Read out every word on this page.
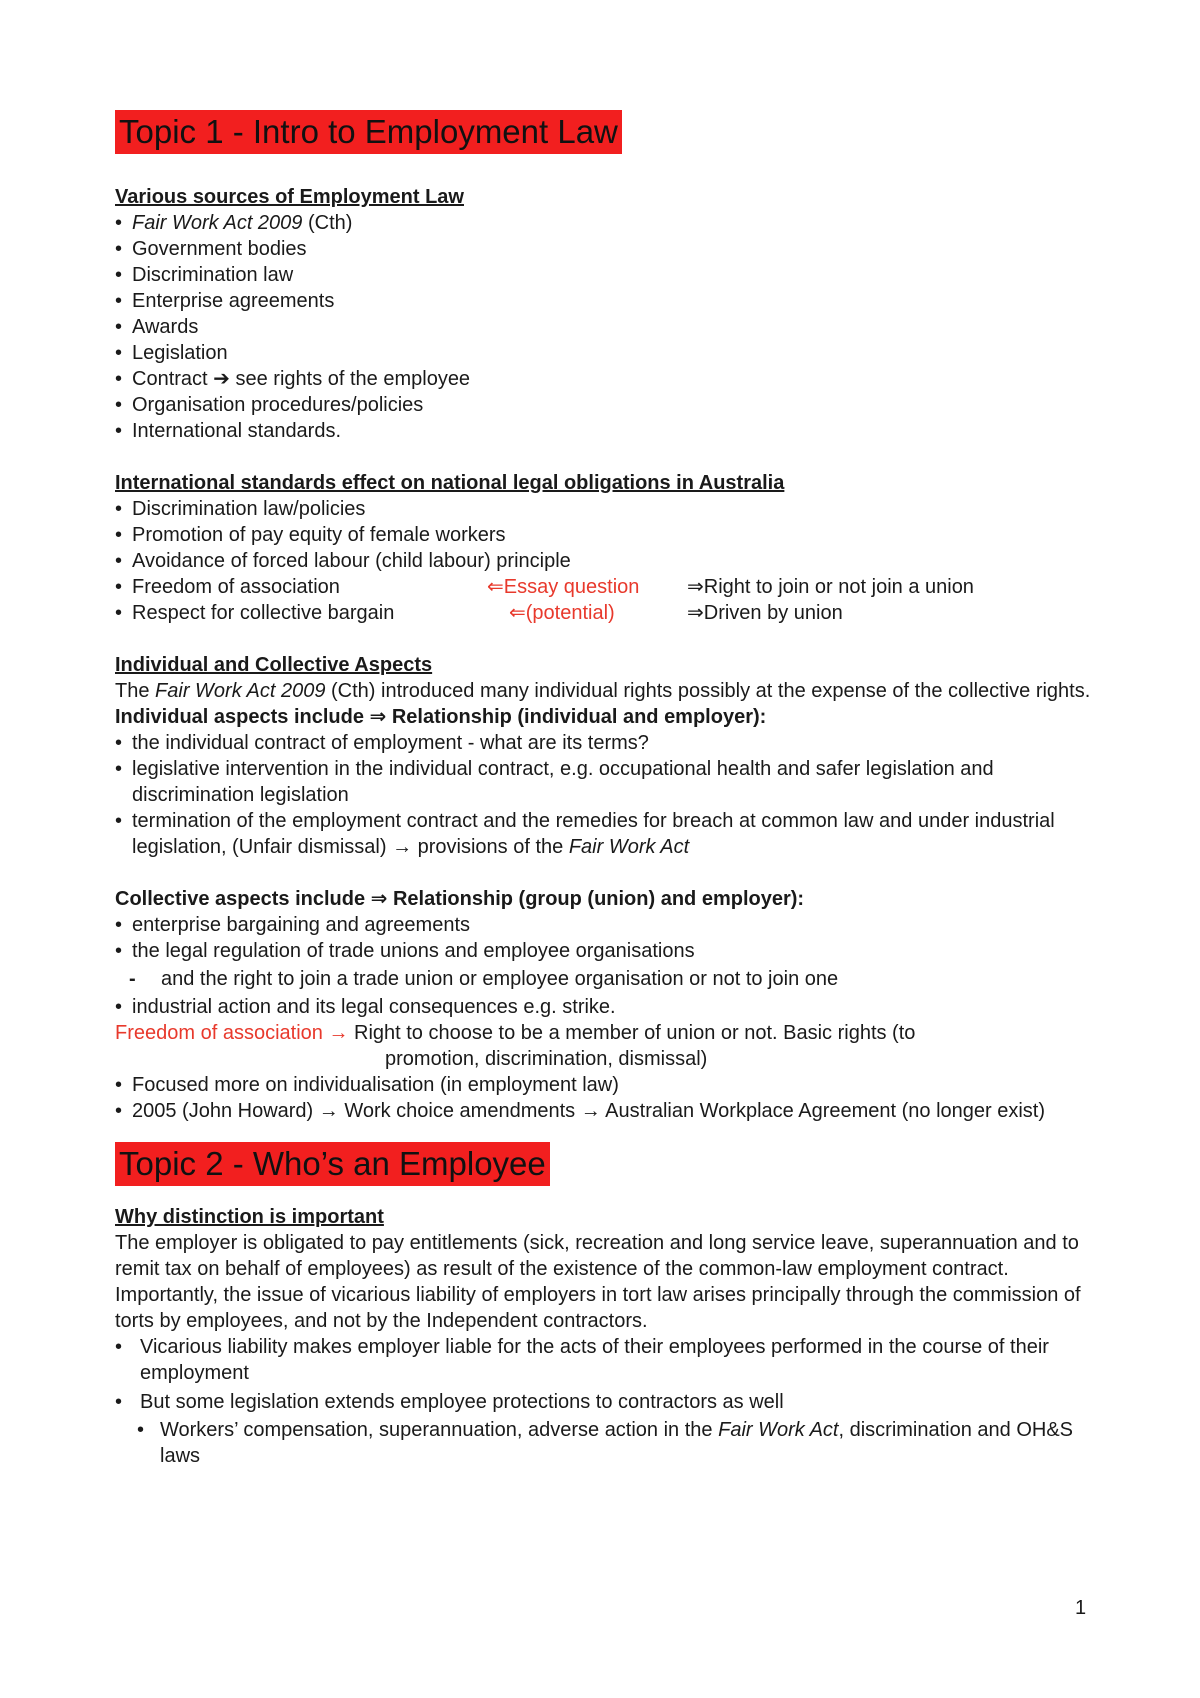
Topic 1 - Intro to Employment Law
Various sources of Employment Law
• Fair Work Act 2009 (Cth)
• Government bodies
• Discrimination law
• Enterprise agreements
• Awards
• Legislation
• Contract ➔ see rights of the employee
• Organisation procedures/policies
• International standards.
International standards effect on national legal obligations in Australia
• Discrimination law/policies
• Promotion of pay equity of female workers
• Avoidance of forced labour (child labour) principle
• Freedom of association	⇐Essay question ⇒Right to join or not join a union
• Respect for collective bargain	⇐(potential)	⇒Driven by union
Individual and Collective Aspects
The Fair Work Act 2009 (Cth) introduced many individual rights possibly at the expense of the collective rights.
Individual aspects include ⇒ Relationship (individual and employer):
• the individual contract of employment - what are its terms?
• legislative intervention in the individual contract, e.g. occupational health and safer legislation and discrimination legislation
• termination of the employment contract and the remedies for breach at common law and under industrial legislation, (Unfair dismissal) → provisions of the Fair Work Act
Collective aspects include ⇒ Relationship (group (union) and employer):
• enterprise bargaining and agreements
• the legal regulation of trade unions and employee organisations
- and the right to join a trade union or employee organisation or not to join one
• industrial action and its legal consequences e.g. strike.
Freedom of association → Right to choose to be a member of union or not. Basic rights (to
promotion, discrimination, dismissal)
• Focused more on individualisation (in employment law)
• 2005 (John Howard) → Work choice amendments → Australian Workplace Agreement (no longer exist)
Topic 2 - Who’s an Employee
Why distinction is important
The employer is obligated to pay entitlements (sick, recreation and long service leave, superannuation and to remit tax on behalf of employees) as result of the existence of the common-law employment contract.
Importantly, the issue of vicarious liability of employers in tort law arises principally through the commission of torts by employees, and not by the Independent contractors.
• Vicarious liability makes employer liable for the acts of their employees performed in the course of their employment
• But some legislation extends employee protections to contractors as well
• Workers’ compensation, superannuation, adverse action in the Fair Work Act, discrimination and OH&S laws
1
